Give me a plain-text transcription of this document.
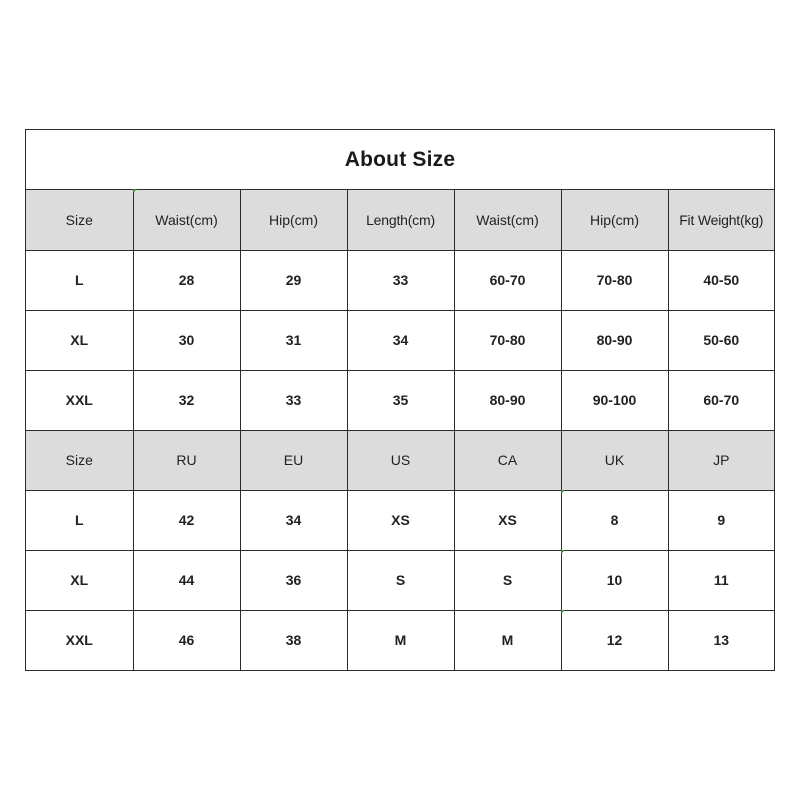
About Size
Size	Waist(cm)	Hip(cm)	Length(cm)	Waist(cm)	Hip(cm)	Fit Weight(kg)
L	28	29	33	60-70	70-80	40-50
XL	30	31	34	70-80	80-90	50-60
XXL	32	33	35	80-90	90-100	60-70
Size	RU	EU	US	CA	UK	JP
L	42	34	XS	XS	8	9
XL	44	36	S	S	10	11
XXL	46	38	M	M	12	13
